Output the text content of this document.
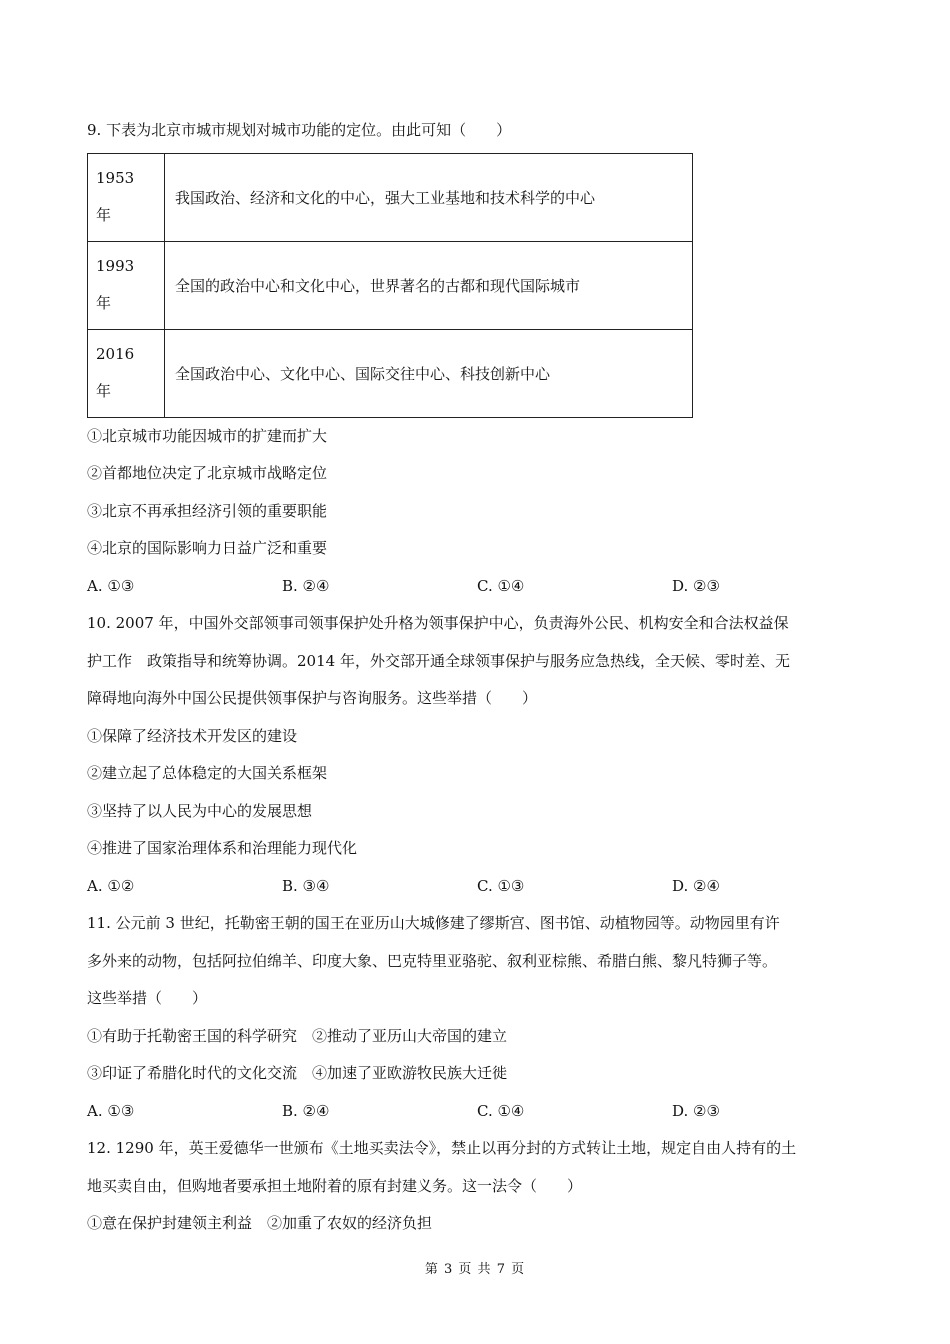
9. 下表为北京市城市规划对城市功能的定位。由此可知（　　）
1953
年	我国政治、经济和文化的中心，强大工业基地和技术科学的中心

1993
年	全国的政治中心和文化中心，世界著名的古都和现代国际城市

2016
年	全国政治中心、文化中心、国际交往中心、科技创新中心
①北京城市功能因城市的扩建而扩大
②首都地位决定了北京城市战略定位
③北京不再承担经济引领的重要职能
④北京的国际影响力日益广泛和重要
A. ①③	B. ②④	C. ①④	D. ②③
10. 2007 年，中国外交部领事司领事保护处升格为领事保护中心，负责海外公民、机构安全和合法权益保
护工作　政策指导和统筹协调。2014 年，外交部开通全球领事保护与服务应急热线，全天候、零时差、无
障碍地向海外中国公民提供领事保护与咨询服务。这些举措（　　）
①保障了经济技术开发区的建设
②建立起了总体稳定的大国关系框架
③坚持了以人民为中心的发展思想
④推进了国家治理体系和治理能力现代化
A. ①②	B. ③④	C. ①③	D. ②④
11. 公元前 3 世纪，托勒密王朝的国王在亚历山大城修建了缪斯宫、图书馆、动植物园等。动物园里有许
多外来的动物，包括阿拉伯绵羊、印度大象、巴克特里亚骆驼、叙利亚棕熊、希腊白熊、黎凡特狮子等。
这些举措（　　）
①有助于托勒密王国的科学研究　②推动了亚历山大帝国的建立
③印证了希腊化时代的文化交流　④加速了亚欧游牧民族大迁徙
A. ①③	B. ②④	C. ①④	D. ②③
12. 1290 年，英王爱德华一世颁布《土地买卖法令》，禁止以再分封的方式转让土地，规定自由人持有的土
地买卖自由，但购地者要承担土地附着的原有封建义务。这一法令（　　）
①意在保护封建领主利益　②加重了农奴的经济负担
第 3 页 共 7 页
